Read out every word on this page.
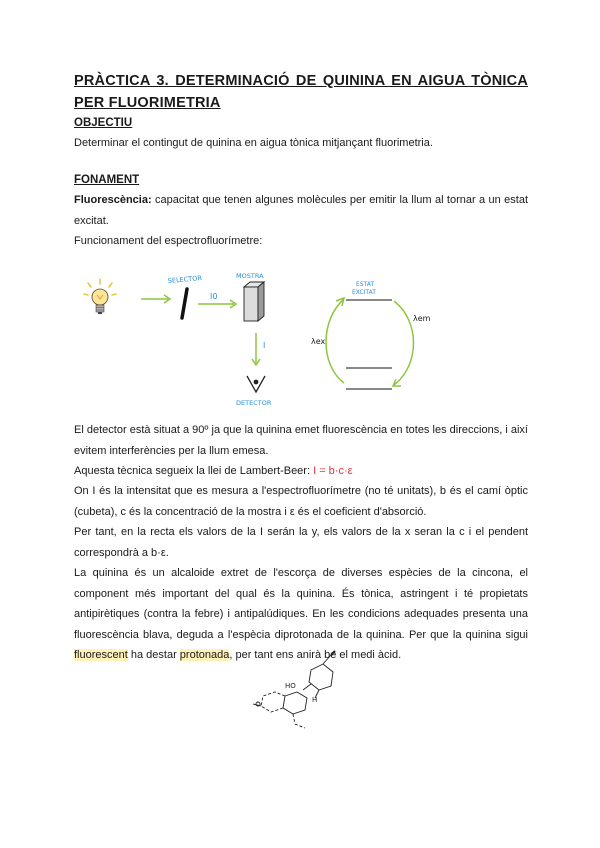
PRÀCTICA 3. DETERMINACIÓ DE QUININA EN AIGUA TÒNICA PER FLUORIMETRIA
OBJECTIU
Determinar el contingut de quinina en aigua tònica mitjançant fluorimetria.
FONAMENT
Fluorescència: capacitat que tenen algunes molècules per emitir la llum al tornar a un estat excitat.
Funcionament del espectrofluorímetre:
El detector està situat a 90º ja que la quinina emet fluorescència en totes les direccions, i així evitem interferències per la llum emesa.
Aquesta tècnica segueix la llei de Lambert-Beer: I = b·c·ε
On I és la intensitat que es mesura a l'espectrofluorímetre (no té unitats), b és el camí òptic (cubeta), c és la concentració de la mostra i ε és el coeficient d'absorció.
Per tant, en la recta els valors de la I serán la y, els valors de la x seran la c i el pendent correspondrà a b·ε.
La quinina és un alcaloide extret de l'escorça de diverses espècies de la cincona, el component més important del qual és la quinina. És tònica, astringent i té propietats antipirètiques (contra la febre) i antipalúdiques. En les condicions adequades presenta una fluorescència blava, deguda a l'espècia diprotonada de la quinina. Per que la quinina sigui fluorescent ha destar protonada, per tant ens anirà be el medi àcid.
SELECTOR
I0
MOSTRA
I
DETECTOR
ESTAT
EXCITAT
λem
λex
HO
H
